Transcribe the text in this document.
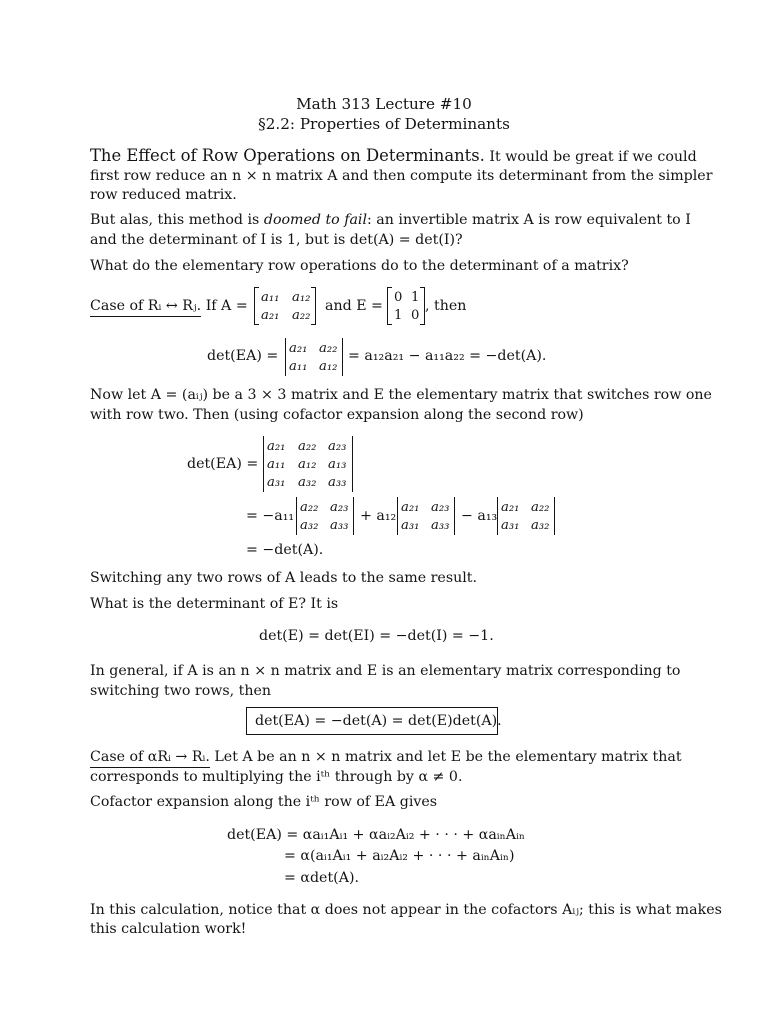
Math 313 Lecture #10
§2.2: Properties of Determinants
The Effect of Row Operations on Determinants. It would be great if we could
first row reduce an n × n matrix A and then compute its determinant from the simpler
row reduced matrix.
But alas, this method is doomed to fail: an invertible matrix A is row equivalent to I
and the determinant of I is 1, but is det(A) = det(I)?
What do the elementary row operations do to the determinant of a matrix?
Case of Rᵢ ↔ Rⱼ. If A =
a₁₁ a₁₂
a₂₁ a₂₂
and E =
0 1
1 0
, then
det(EA) = a₂₁ a₂₂
a₁₁ a₁₂
= a₁₂a₂₁ − a₁₁a₂₂ = −det(A).
Now let A = (aᵢⱼ) be a 3 × 3 matrix and E the elementary matrix that switches row one
with row two. Then (using cofactor expansion along the second row)
det(EA) =
a₂₁ a₂₂ a₂₃
a₁₁ a₁₂ a₁₃
a₃₁ a₃₂ a₃₃
= −a₁₁
a₂₂ a₂₃
a₃₂ a₃₃
+ a₁₂
a₂₁ a₂₃
a₃₁ a₃₃
− a₁₃
a₂₁ a₂₂
a₃₁ a₃₂
= −det(A).
Switching any two rows of A leads to the same result.
What is the determinant of E? It is
det(E) = det(EI) = −det(I) = −1.
In general, if A is an n × n matrix and E is an elementary matrix corresponding to
switching two rows, then
det(EA) = −det(A) = det(E)det(A).
Case of αRᵢ → Rᵢ. Let A be an n × n matrix and let E be the elementary matrix that
corresponds to multiplying the iᵗʰ through by α ≠ 0.
Cofactor expansion along the iᵗʰ row of EA gives
det(EA) = αaᵢ₁Aᵢ₁ + αaᵢ₂Aᵢ₂ + · · · + αaᵢₙAᵢₙ
= α(aᵢ₁Aᵢ₁ + aᵢ₂Aᵢ₂ + · · · + aᵢₙAᵢₙ)
= αdet(A).
In this calculation, notice that α does not appear in the cofactors Aᵢⱼ; this is what makes
this calculation work!
